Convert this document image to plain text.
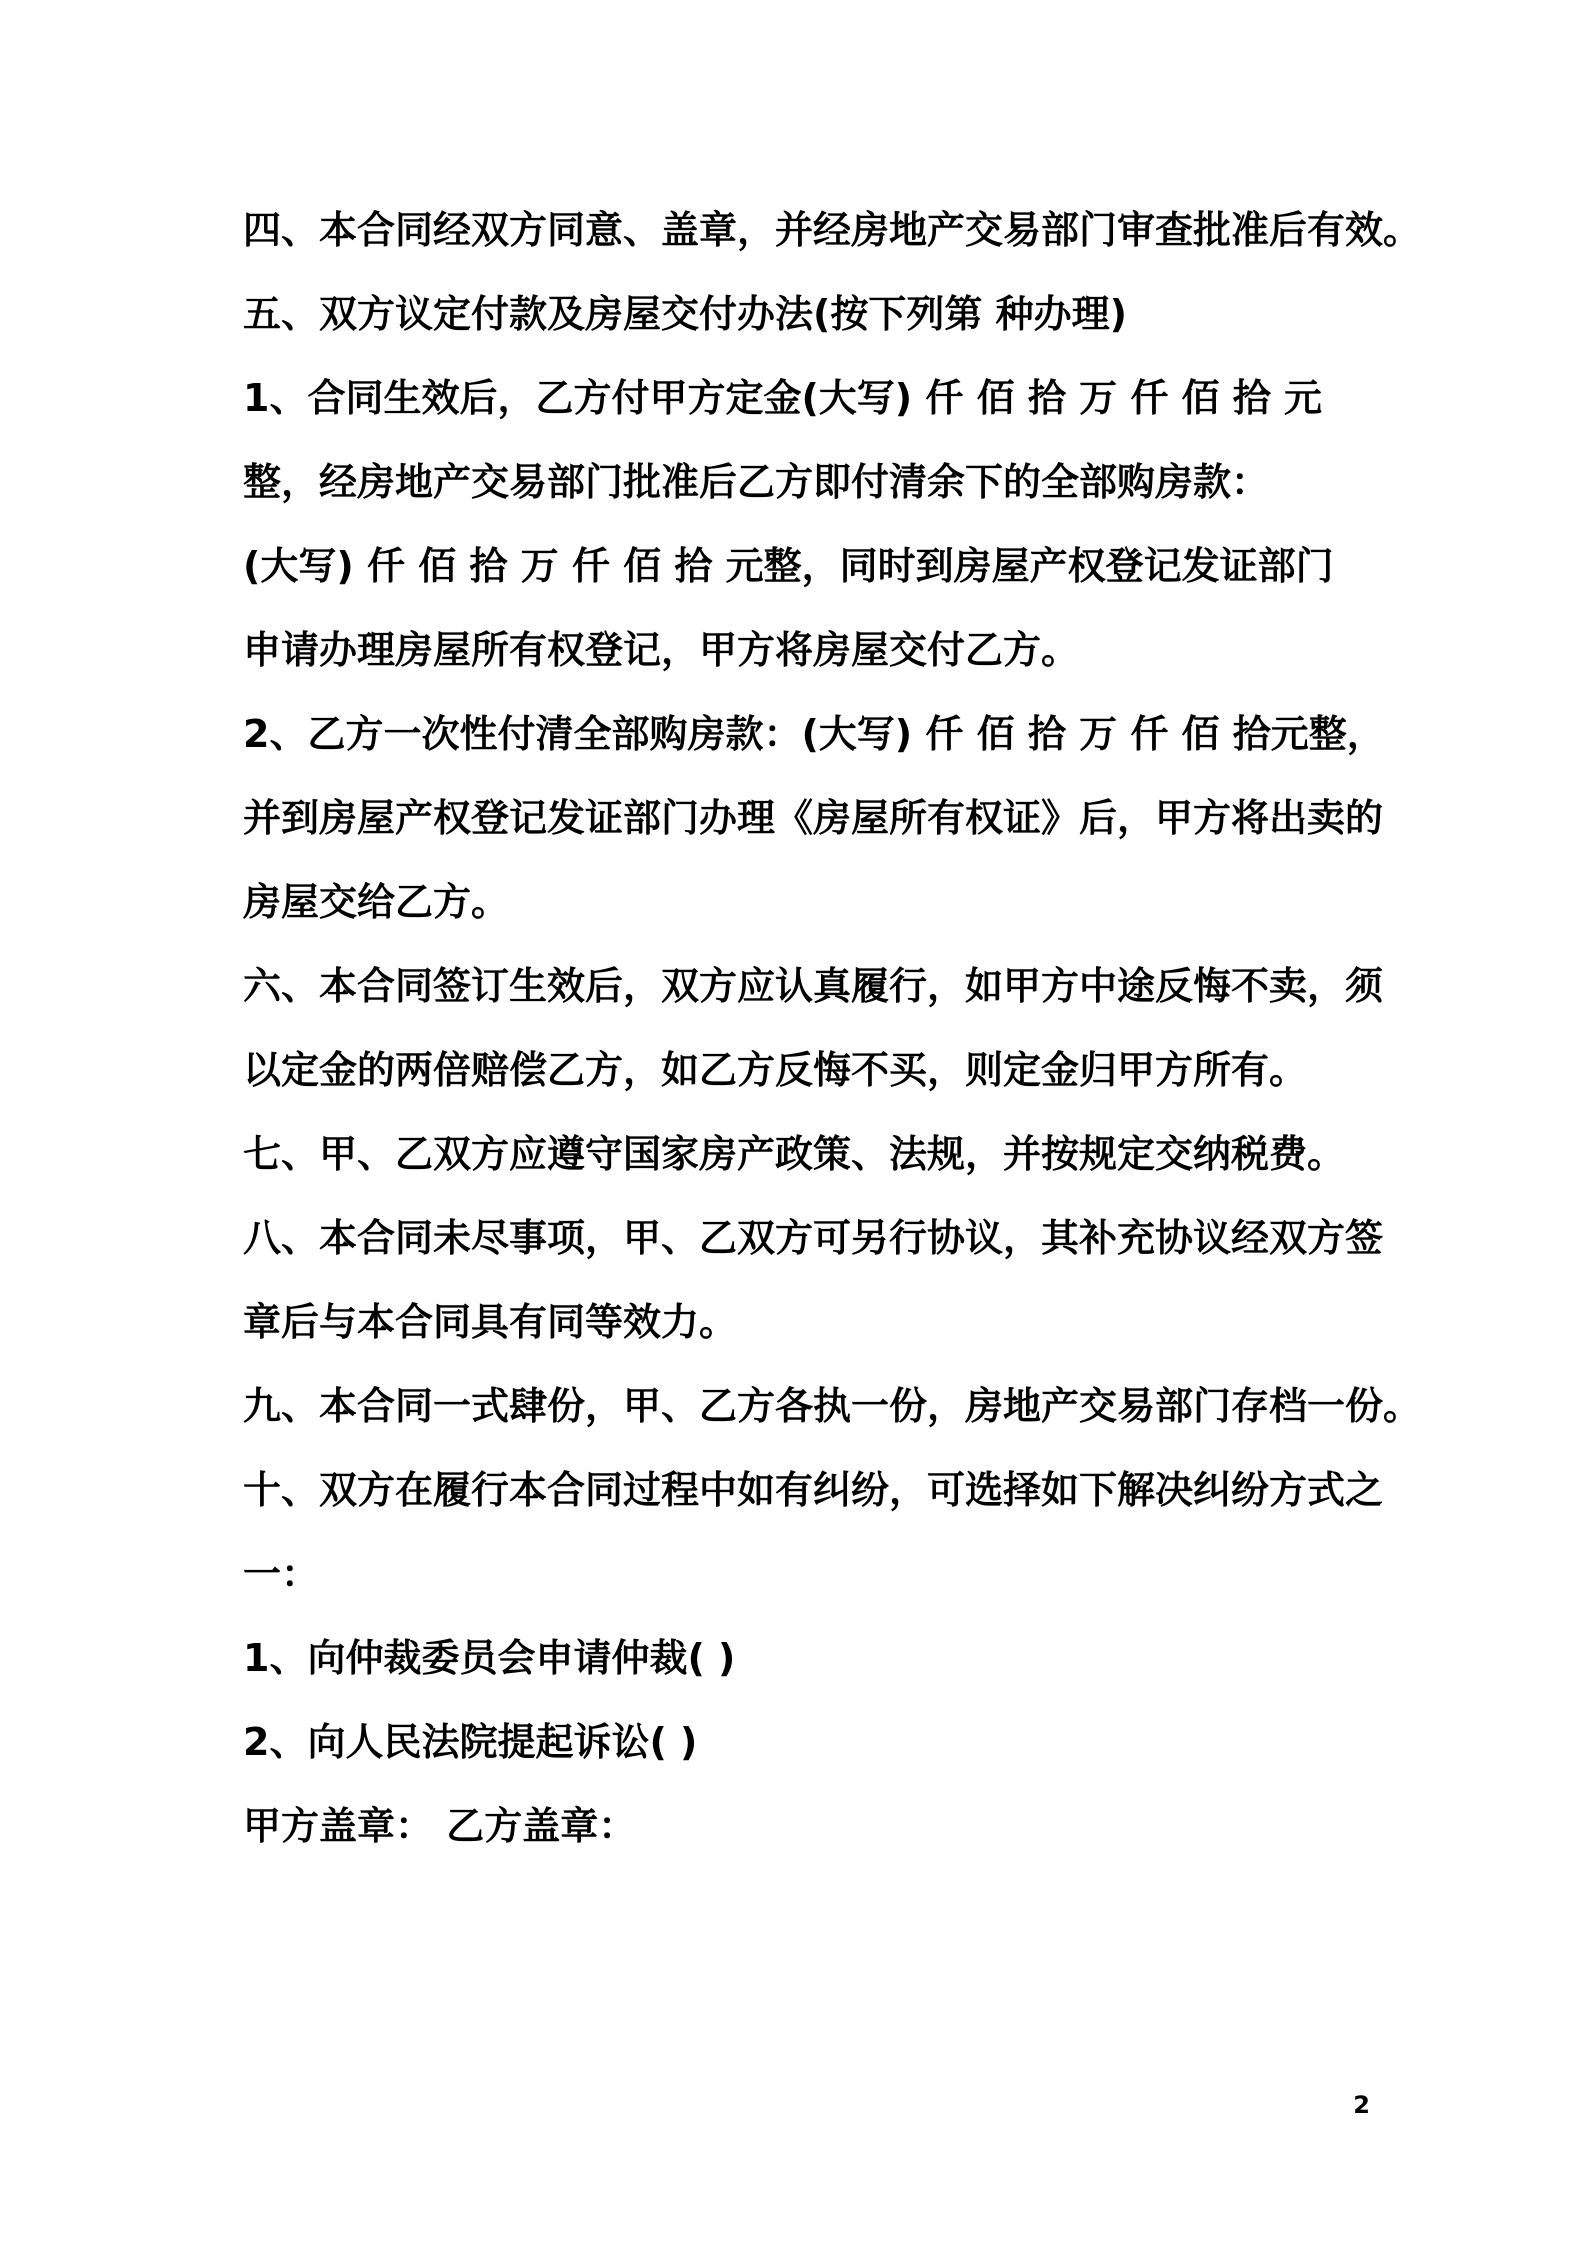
四、本合同经双方同意、盖章，并经房地产交易部门审查批准后有效。
五、双方议定付款及房屋交付办法(按下列第 种办理)
1、合同生效后，乙方付甲方定金(大写) 仟 佰 拾 万 仟 佰 拾 元
整，经房地产交易部门批准后乙方即付清余下的全部购房款：
(大写) 仟 佰 拾 万 仟 佰 拾 元整，同时到房屋产权登记发证部门
申请办理房屋所有权登记，甲方将房屋交付乙方。
2、乙方一次性付清全部购房款：(大写) 仟 佰 拾 万 仟 佰 拾元整，
并到房屋产权登记发证部门办理《房屋所有权证》后，甲方将出卖的
房屋交给乙方。
六、本合同签订生效后，双方应认真履行，如甲方中途反悔不卖，须
以定金的两倍赔偿乙方，如乙方反悔不买，则定金归甲方所有。
七、甲、乙双方应遵守国家房产政策、法规，并按规定交纳税费。
八、本合同未尽事项，甲、乙双方可另行协议，其补充协议经双方签
章后与本合同具有同等效力。
九、本合同一式肆份，甲、乙方各执一份，房地产交易部门存档一份。
十、双方在履行本合同过程中如有纠纷，可选择如下解决纠纷方式之
一：
1、向仲裁委员会申请仲裁( )
2、向人民法院提起诉讼( )
甲方盖章： 乙方盖章：
2
